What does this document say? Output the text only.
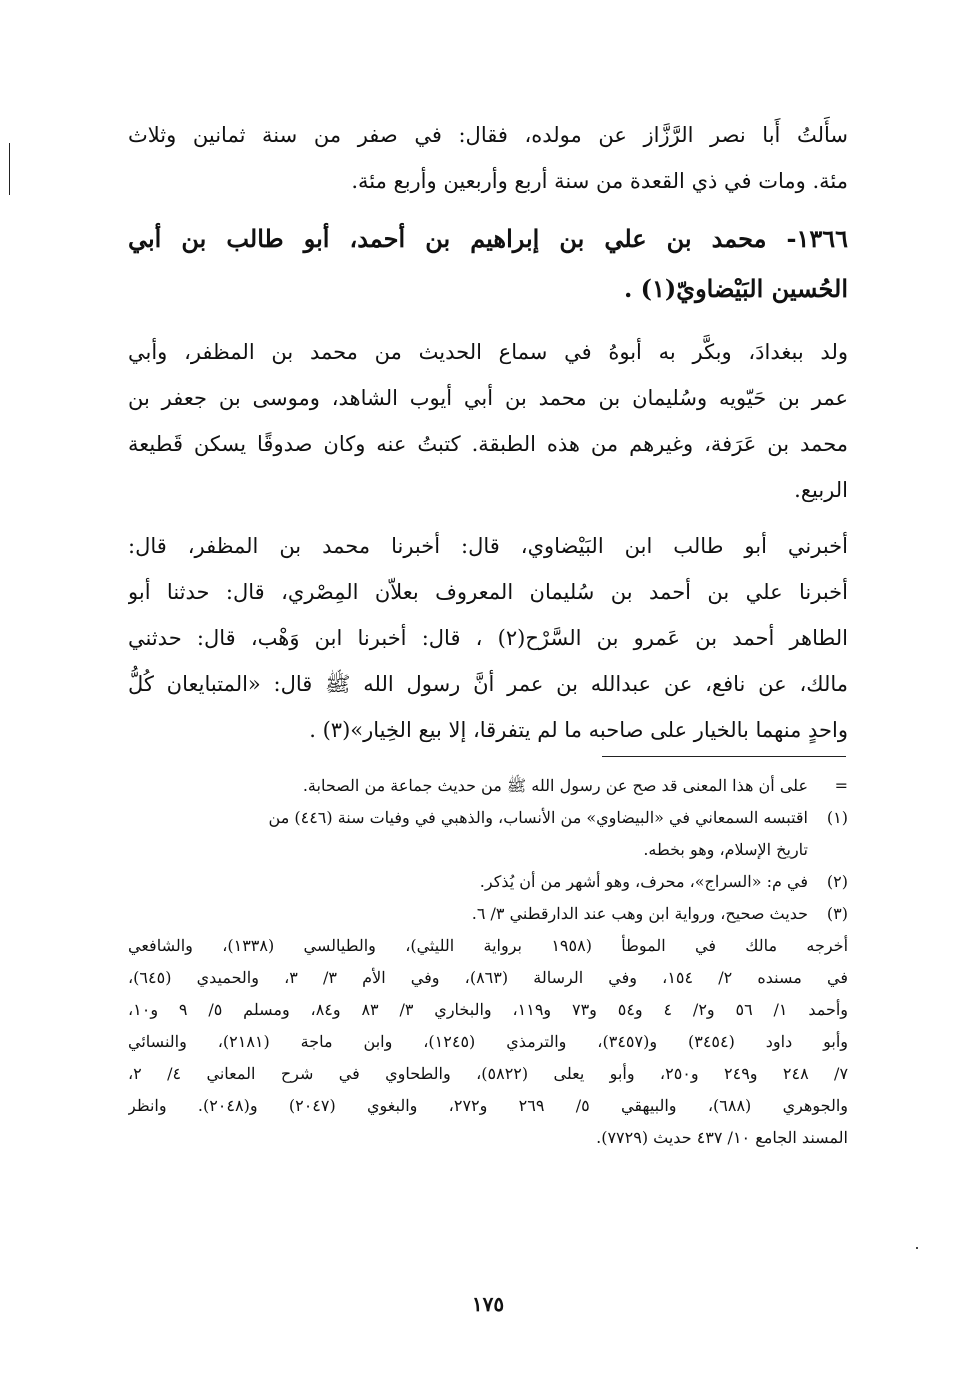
سأَلتُ أَبا نصر الرَّزَّاز عن مولده، فقال: في صفر من سنة ثمانين وثلاث
مئة. ومات في ذي القعدة من سنة أربع وأربعين وأربع مئة.
١٣٦٦- محمد بن علي بن إبراهيم بن أحمد، أبو طالب بن أبي
الحُسين البَيْضاويّ(١) .
ولد ببغدادَ، وبكَّر به أبوهُ في سماع الحديث من محمد بن المظفر، وأبي
عمر بن حَيّويه وسُليمان بن محمد بن أبي أيوب الشاهد، وموسى بن جعفر بن
محمد بن عَرَفة، وغيرهم من هذه الطبقة. كتبتُ عنه وكان صدوقًا يسكن قَطيعة
الربيع.
أخبرني أبو طالب ابن البَيْضاوي، قال: أخبرنا محمد بن المظفر، قال:
أخبرنا علي بن أحمد بن سُليمان المعروف بعلاّن المِصْري، قال: حدثنا أبو
الطاهر أحمد بن عَمرو بن السَّرْح(٢) ، قال: أخبرنا ابن وَهْب، قال: حدثني
مالك، عن نافع، عن عبدالله بن عمر أنَّ رسول الله ﷺ قال: «المتبايعان كُلُّ
واحدٍ منهما بالخيار على صاحبه ما لم يتفرقا، إلا بيع الخِيار»(٣) .
=على أن هذا المعنى قد صح عن رسول الله ﷺ من حديث جماعة من الصحابة.
(١)اقتبسه السمعاني في «البيضاوي» من الأنساب، والذهبي في وفيات سنة (٤٤٦) من
تاريخ الإسلام، وهو بخطه.
(٢)في م: «السراج»، محرف، وهو أشهر من أن يُذكر.
(٣)حديث صحيح، ورواية ابن وهب عند الدارقطني ٣/ ٦.
أخرجه مالك في الموطأ (١٩٥٨ برواية الليثي)، والطيالسي (١٣٣٨)، والشافعي
في مسنده ٢/ ١٥٤، وفي الرسالة (٨٦٣)، وفي الأم ٣/ ٣، والحميدي (٦٤٥)،
وأحمد ١/ ٥٦ و٢/ ٤ و٥٤ و٧٣ و١١٩، والبخاري ٣/ ٨٣ و٨٤، ومسلم ٥/ ٩ و١٠،
وأبو داود (٣٤٥٤) و(٣٤٥٧)، والترمذي (١٢٤٥)، وابن ماجة (٢١٨١)، والنسائي
٧/ ٢٤٨ و٢٤٩ و٢٥٠، وأبو يعلى (٥٨٢٢)، والطحاوي في شرح المعاني ٤/ ٢،
والجوهري (٦٨٨)، والبيهقي ٥/ ٢٦٩ و٢٧٢، والبغوي (٢٠٤٧) و(٢٠٤٨). وانظر
المسند الجامع ١٠/ ٤٣٧ حديث (٧٧٢٩).
١٧٥
